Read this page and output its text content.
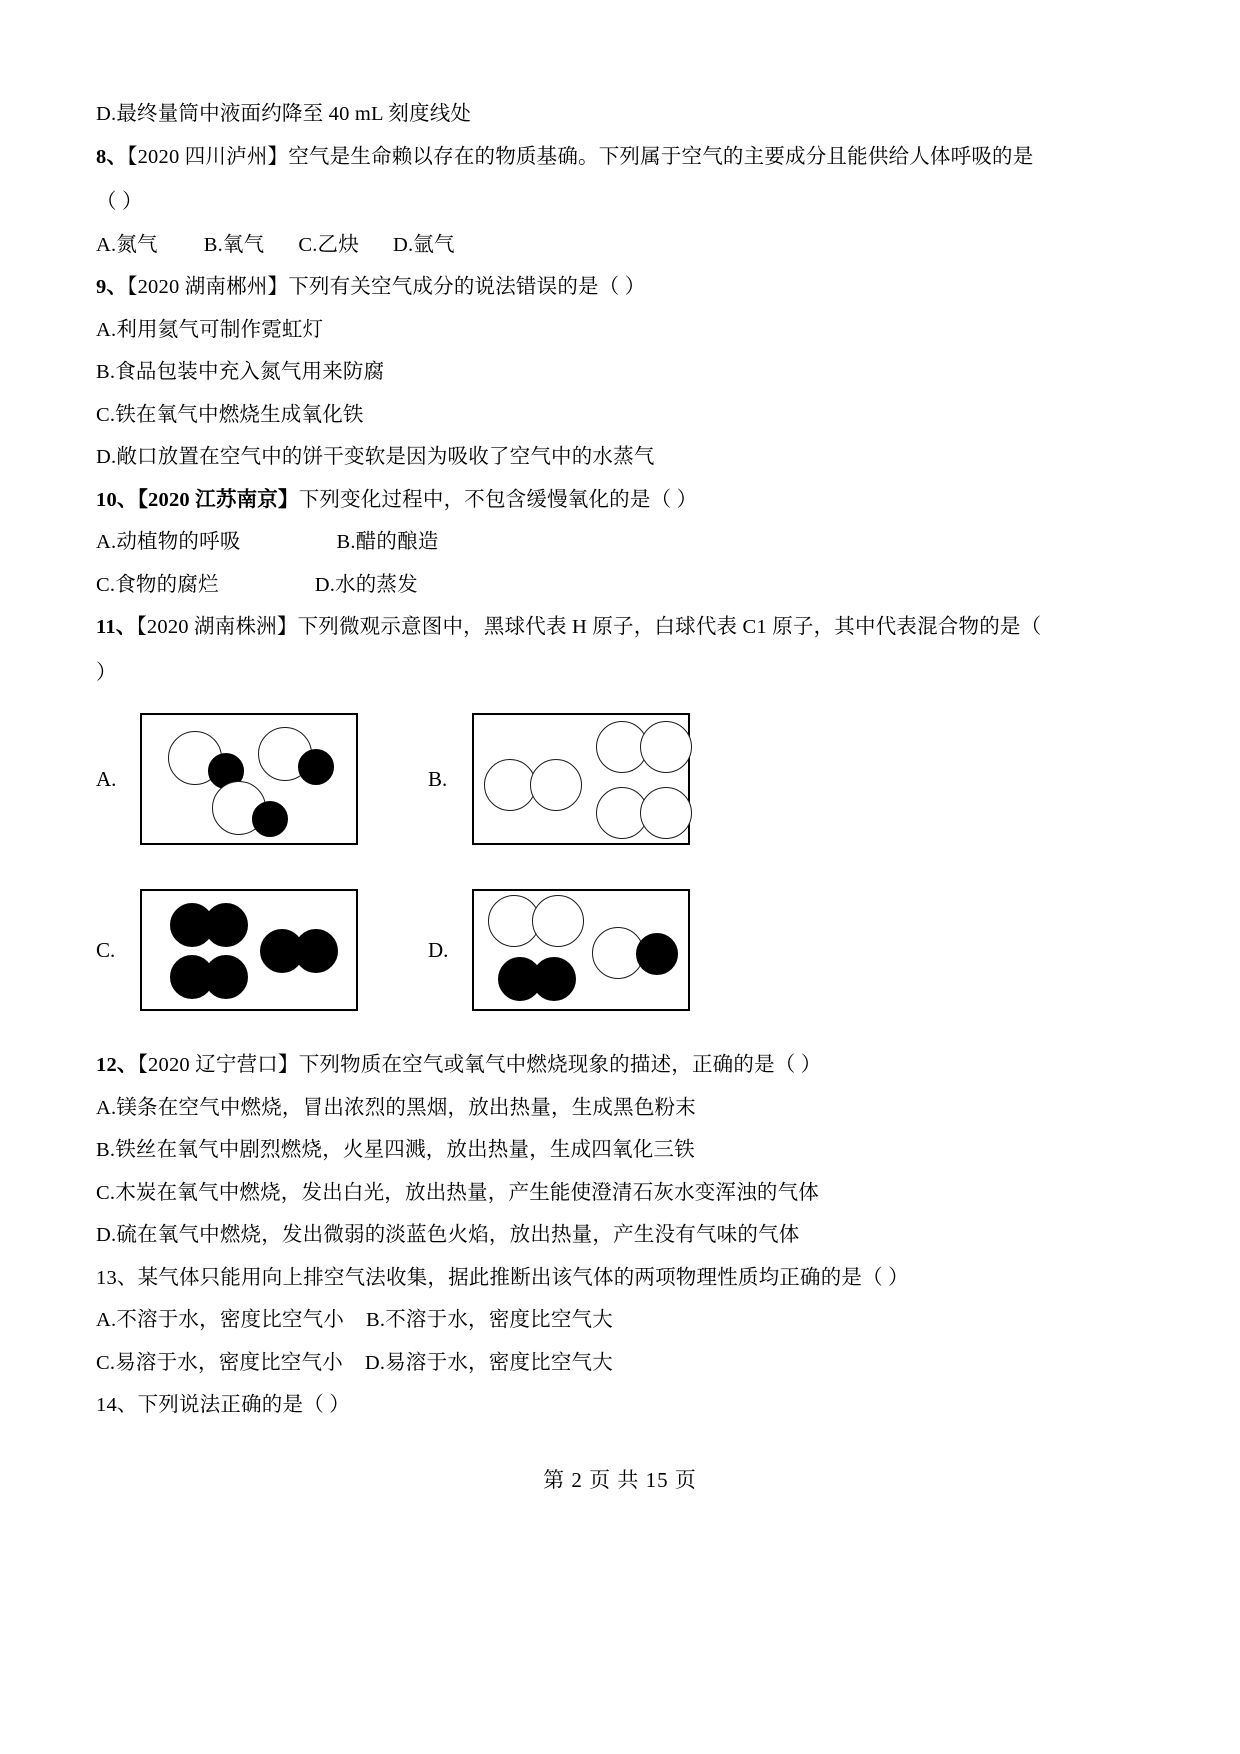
D.最终量筒中液面约降至 40 mL 刻度线处
8、【2020 四川泸州】空气是生命赖以存在的物质基确。下列属于空气的主要成分且能供给人体呼吸的是
（ ）
A.氮气 B.氧气 C.乙炔 D.氩气
9、【2020 湖南郴州】下列有关空气成分的说法错误的是（ ）
A.利用氦气可制作霓虹灯
B.食品包装中充入氮气用来防腐
C.铁在氧气中燃烧生成氧化铁
D.敞口放置在空气中的饼干变软是因为吸收了空气中的水蒸气
10、【2020 江苏南京】下列变化过程中，不包含缓慢氧化的是（ ）
A.动植物的呼吸	B.醋的酿造
C.食物的腐烂	D.水的蒸发
11、【2020 湖南株洲】下列微观示意图中，黑球代表 H 原子，白球代表 C1 原子，其中代表混合物的是（
）
A.	B.
C.	D.
12、【2020 辽宁营口】下列物质在空气或氧气中燃烧现象的描述，正确的是（ ）
A.镁条在空气中燃烧，冒出浓烈的黑烟，放出热量，生成黑色粉末
B.铁丝在氧气中剧烈燃烧，火星四溅，放出热量，生成四氧化三铁
C.木炭在氧气中燃烧，发出白光，放出热量，产生能使澄清石灰水变浑浊的气体
D.硫在氧气中燃烧，发出微弱的淡蓝色火焰，放出热量，产生没有气味的气体
13、某气体只能用向上排空气法收集，据此推断出该气体的两项物理性质均正确的是（ ）
A.不溶于水，密度比空气小 B.不溶于水，密度比空气大
C.易溶于水，密度比空气小 D.易溶于水，密度比空气大
14、下列说法正确的是（ ）
第 2 页 共 15 页
